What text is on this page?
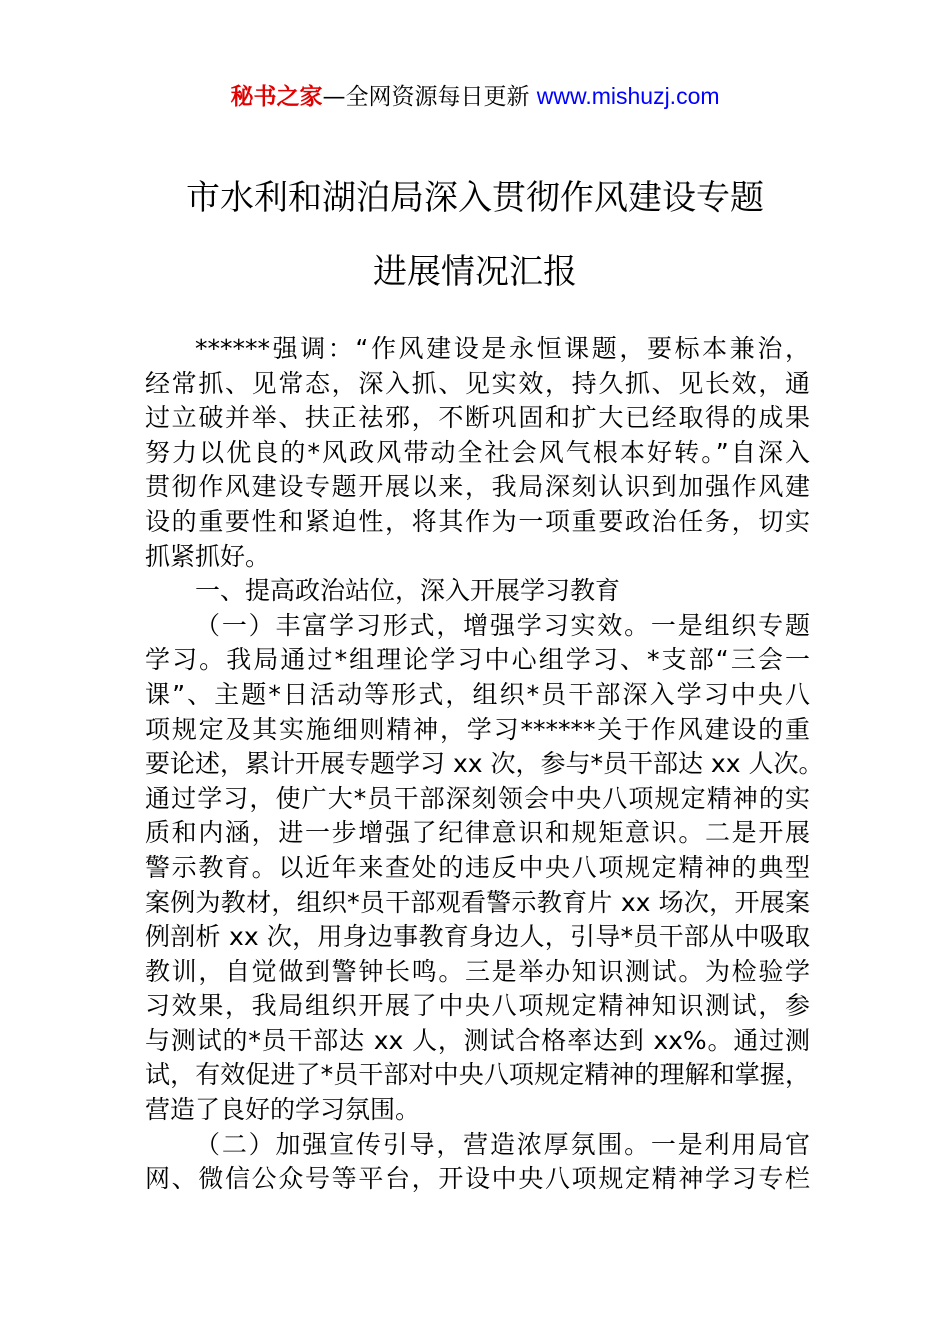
秘书之家—全网资源每日更新 www.mishuzj.com
市水利和湖泊局深入贯彻作风建设专题
进展情况汇报
******强调：“作风建设是永恒课题，要标本兼治，
经常抓、见常态，深入抓、见实效，持久抓、见长效，通
过立破并举、扶正祛邪，不断巩固和扩大已经取得的成果
努力以优良的*风政风带动全社会风气根本好转。”自深入
贯彻作风建设专题开展以来，我局深刻认识到加强作风建
设的重要性和紧迫性，将其作为一项重要政治任务，切实
抓紧抓好。
一、提高政治站位，深入开展学习教育
（一）丰富学习形式，增强学习实效。一是组织专题
学习。我局通过*组理论学习中心组学习、*支部“三会一
课”、主题*日活动等形式，组织*员干部深入学习中央八
项规定及其实施细则精神，学习******关于作风建设的重
要论述，累计开展专题学习 xx 次，参与*员干部达 xx 人次。
通过学习，使广大*员干部深刻领会中央八项规定精神的实
质和内涵，进一步增强了纪律意识和规矩意识。二是开展
警示教育。以近年来查处的违反中央八项规定精神的典型
案例为教材，组织*员干部观看警示教育片 xx 场次，开展案
例剖析 xx 次，用身边事教育身边人，引导*员干部从中吸取
教训，自觉做到警钟长鸣。三是举办知识测试。为检验学
习效果，我局组织开展了中央八项规定精神知识测试，参
与测试的*员干部达 xx 人，测试合格率达到 xx%。通过测
试，有效促进了*员干部对中央八项规定精神的理解和掌握，
营造了良好的学习氛围。
（二）加强宣传引导，营造浓厚氛围。一是利用局官
网、微信公众号等平台，开设中央八项规定精神学习专栏
